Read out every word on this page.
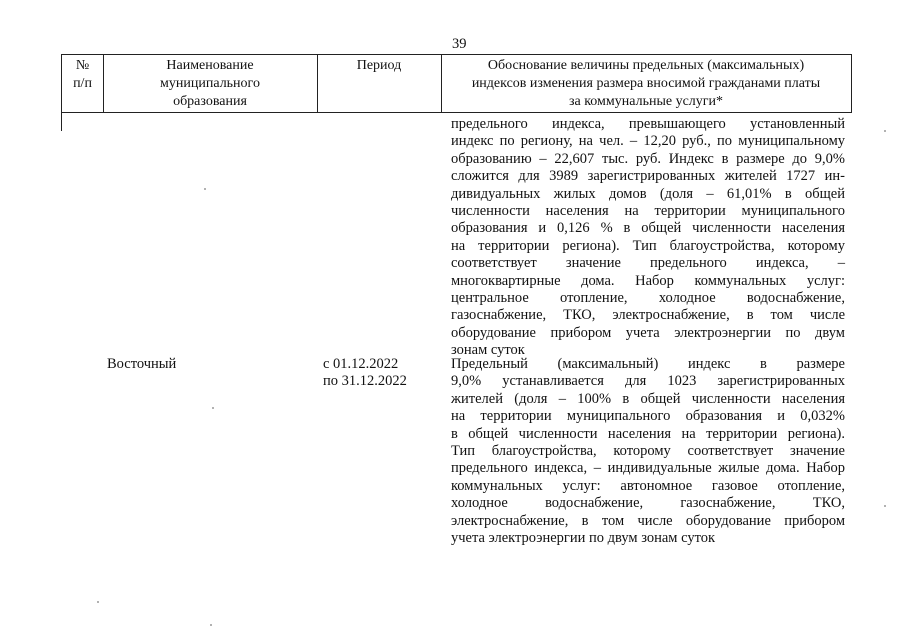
39
№
п/п
Наименование
муниципального
образования
Период	Обоснование величины предельных (максимальных)
индексов изменения размера вносимой гражданами платы
за коммунальные услуги*
предельного индекса, превышающего установленный
индекс по региону, на чел. – 12,20 руб., по муниципальному
образованию – 22,607 тыс. руб. Индекс в размере до 9,0%
сложится для 3989 зарегистрированных жителей 1727 ин-
дивидуальных жилых домов (доля – 61,01% в общей
численности населения на территории муниципального
образования и 0,126 % в общей численности населения
на территории региона). Тип благоустройства, которому
соответствует значение предельного индекса, –
многоквартирные дома. Набор коммунальных услуг:
центральное отопление, холодное водоснабжение,
газоснабжение, ТКО, электроснабжение, в том числе
оборудование прибором учета электроэнергии по двум
зонам суток
Восточный	с 01.12.2022
по 31.12.2022
Предельный (максимальный) индекс в размере
9,0% устанавливается для 1023 зарегистрированных
жителей (доля – 100% в общей численности населения
на территории муниципального образования и 0,032%
в общей численности населения на территории региона).
Тип благоустройства, которому соответствует значение
предельного индекса, – индивидуальные жилые дома. Набор
коммунальных услуг: автономное газовое отопление,
холодное водоснабжение, газоснабжение, ТКО,
электроснабжение, в том числе оборудование прибором
учета электроэнергии по двум зонам суток
